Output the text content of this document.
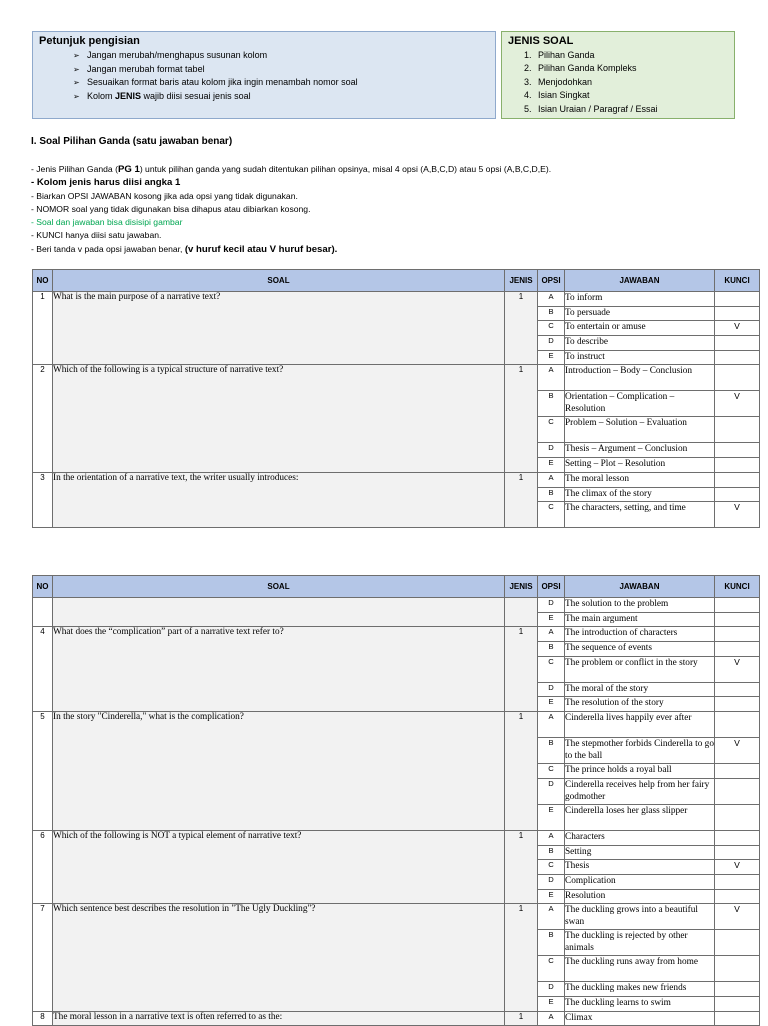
Petunjuk pengisian
➢ Jangan merubah/menghapus susunan kolom
➢ Jangan merubah format tabel
➢ Sesuaikan format baris atau kolom jika ingin menambah nomor soal
➢ Kolom JENIS wajib diisi sesuai jenis soal
JENIS SOAL
1. Pilihan Ganda
2. Pilihan Ganda Kompleks
3. Menjodohkan
4. Isian Singkat
5. Isian Uraian / Paragraf / Essai
I. Soal Pilihan Ganda (satu jawaban benar)
- Jenis Pilihan Ganda (PG 1) untuk pilihan ganda yang sudah ditentukan pilihan opsinya, misal 4 opsi (A,B,C,D) atau 5 opsi (A,B,C,D,E).
- Kolom jenis harus diisi angka 1
- Biarkan OPSI JAWABAN kosong jika ada opsi yang tidak digunakan.
- NOMOR soal yang tidak digunakan bisa dihapus atau dibiarkan kosong.
- Soal dan jawaban bisa disisipi gambar
- KUNCI hanya diisi satu jawaban.
- Beri tanda v pada opsi jawaban benar, (v huruf kecil atau V huruf besar).
NO	SOAL	JENIS	OPSI	JAWABAN	KUNCI
1	What is the main purpose of a narrative text?	1	A	To inform	
			B	To persuade	
			C	To entertain or amuse	V
			D	To describe	
			E	To instruct	
2	Which of the following is a typical structure of narrative text?	1	A	Introduction – Body – Conclusion	
			B	Orientation – Complication – Resolution	V
			C	Problem – Solution – Evaluation	
			D	Thesis – Argument – Conclusion	
			E	Setting – Plot – Resolution	
3	In the orientation of a narrative text, the writer usually introduces:	1	A	The moral lesson	
			B	The climax of the story	
			C	The characters, setting, and time	V
NO	SOAL	JENIS	OPSI	JAWABAN	KUNCI
			D	The solution to the problem	
			E	The main argument	
4	What does the “complication” part of a narrative text refer to?	1	A	The introduction of characters	
			B	The sequence of events	
			C	The problem or conflict in the story	V
			D	The moral of the story	
			E	The resolution of the story	
5	In the story "Cinderella," what is the complication?	1	A	Cinderella lives happily ever after	
			B	The stepmother forbids Cinderella to go to the ball	V
			C	The prince holds a royal ball	
			D	Cinderella receives help from her fairy godmother	
			E	Cinderella loses her glass slipper	
6	Which of the following is NOT a typical element of narrative text?	1	A	Characters	
			B	Setting	
			C	Thesis	V
			D	Complication	
			E	Resolution	
7	Which sentence best describes the resolution in "The Ugly Duckling"?	1	A	The duckling grows into a beautiful swan	V
			B	The duckling is rejected by other animals	
			C	The duckling runs away from home	
			D	The duckling makes new friends	
			E	The duckling learns to swim	
8	The moral lesson in a narrative text is often referred to as the:	1	A	Climax	
